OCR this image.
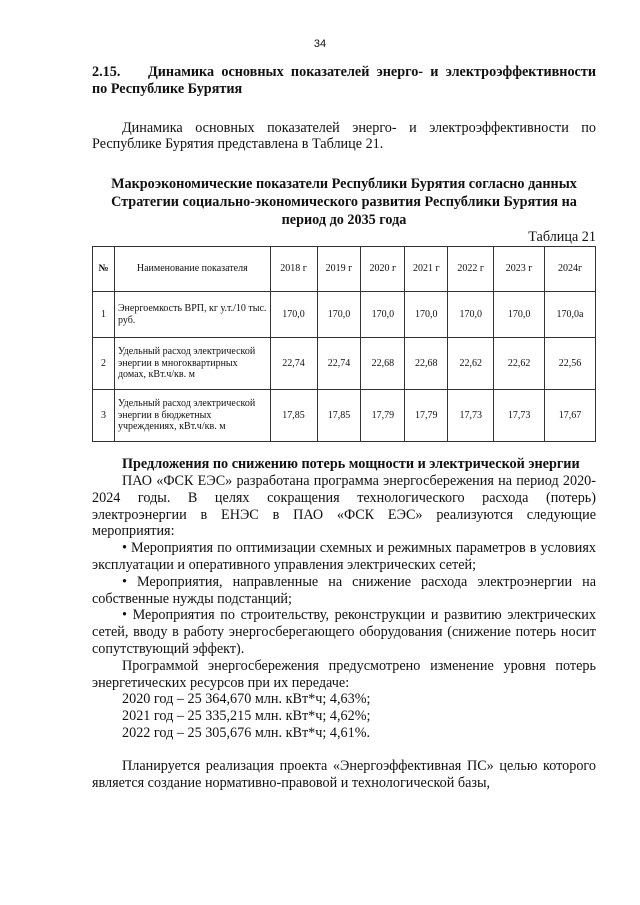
34

2.15. Динамика основных показателей энерго- и электроэффективности по Республике Бурятия

Динамика основных показателей энерго- и электроэффективности по Республике Бурятия представлена в Таблице 21.

Макроэкономические показатели Республики Бурятия согласно данных Стратегии социально-экономического развития Республики Бурятия на период до 2035 года

Таблица 21

№	Наименование показателя	2018 г	2019 г	2020 г	2021 г	2022 г	2023 г	2024г
1	Энергоемкость ВРП, кг у.т./10 тыс. руб.	170,0	170,0	170,0	170,0	170,0	170,0	170,0а
2	Удельный расход электрической энергии в многоквартирных домах, кВт.ч/кв. м	22,74	22,74	22,68	22,68	22,62	22,62	22,56
3	Удельный расход электрической энергии в бюджетных учреждениях, кВт.ч/кв. м	17,85	17,85	17,79	17,79	17,73	17,73	17,67

Предложения по снижению потерь мощности и электрической энергии

ПАО «ФСК ЕЭС» разработана программа энергосбережения на период 2020-2024 годы. В целях сокращения технологического расхода (потерь) электроэнергии в ЕНЭС в ПАО «ФСК ЕЭС» реализуются следующие мероприятия:

• Мероприятия по оптимизации схемных и режимных параметров в условиях эксплуатации и оперативного управления электрических сетей;

• Мероприятия, направленные на снижение расхода электроэнергии на собственные нужды подстанций;

• Мероприятия по строительству, реконструкции и развитию электрических сетей, вводу в работу энергосберегающего оборудования (снижение потерь носит сопутствующий эффект).

Программой энергосбережения предусмотрено изменение уровня потерь энергетических ресурсов при их передаче:

2020 год – 25 364,670 млн. кВт*ч; 4,63%;

2021 год – 25 335,215 млн. кВт*ч; 4,62%;

2022 год – 25 305,676 млн. кВт*ч; 4,61%.

Планируется реализация проекта «Энергоэффективная ПС» целью которого является создание нормативно-правовой и технологической базы,
